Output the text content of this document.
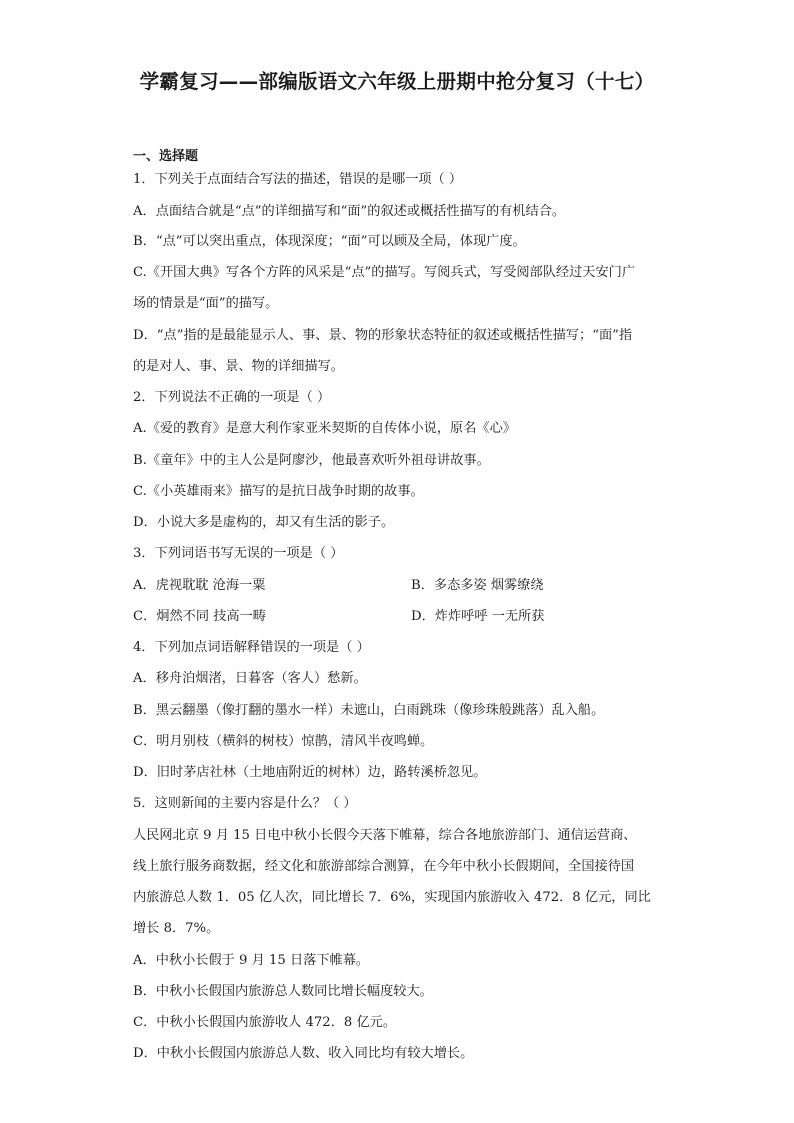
学霸复习——部编版语文六年级上册期中抢分复习（十七）
一、选择题
1．下列关于点面结合写法的描述，错误的是哪一项（ ）
A．点面结合就是“点”的详细描写和“面”的叙述或概括性描写的有机结合。
B．“点”可以突出重点，体现深度；“面”可以顾及全局，体现广度。
C.《开国大典》写各个方阵的风采是“点”的描写。写阅兵式，写受阅部队经过天安门广
场的情景是“面”的描写。
D．“点”指的是最能显示人、事、景、物的形象状态特征的叙述或概括性描写；“面”指
的是对人、事、景、物的详细描写。
2．下列说法不正确的一项是（ ）
A.《爱的教育》是意大利作家亚米契斯的自传体小说，原名《心》
B.《童年》中的主人公是阿廖沙，他最喜欢听外祖母讲故事。
C.《小英雄雨来》描写的是抗日战争时期的故事。
D．小说大多是虚构的，却又有生活的影子。
3．下列词语书写无误的一项是（ ）
A．虎视耽耽 沧海一粟	B．多态多姿 烟雾缭绕
C．炯然不同 技高一畴	D．炸炸呼呼 一无所获
4．下列加点词语解释错误的一项是（ ）
A．移舟泊烟渚，日暮客（客人）愁新。
B．黑云翻墨（像打翻的墨水一样）未遮山，白雨跳珠（像珍珠般跳落）乱入船。
C．明月别枝（横斜的树枝）惊鹊，清风半夜鸣蝉。
D．旧时茅店社林（土地庙附近的树林）边，路转溪桥忽见。
5．这则新闻的主要内容是什么？（ ）
人民网北京 9 月 15 日电中秋小长假今天落下帷幕，综合各地旅游部门、通信运营商、
线上旅行服务商数据，经文化和旅游部综合测算，在今年中秋小长假期间，全国接待国
内旅游总人数 1．05 亿人次，同比增长 7．6%，实现国内旅游收入 472．8 亿元，同比
增长 8．7%。
A．中秋小长假于 9 月 15 日落下帷幕。
B．中秋小长假国内旅游总人数同比增长幅度较大。
C．中秋小长假国内旅游收人 472．8 亿元。
D．中秋小长假国内旅游总人数、收入同比均有较大增长。
